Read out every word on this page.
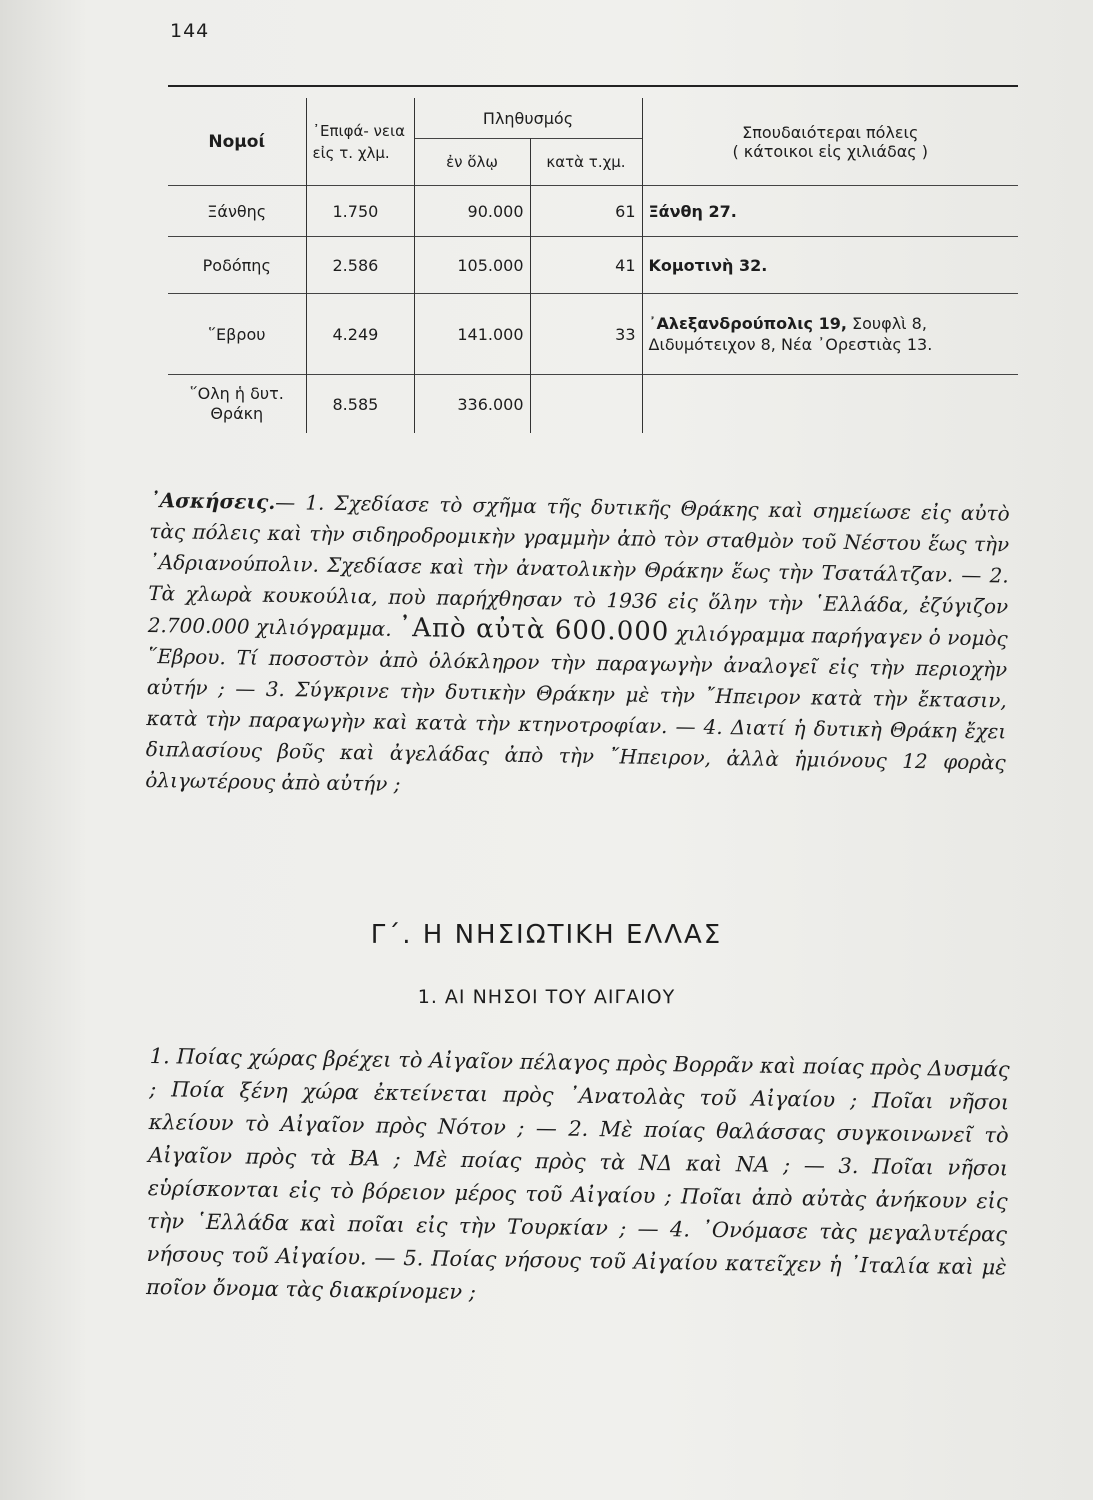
144
Νομοί	᾿Επιφά- νεια εἰς τ. χλμ.	Πληθυσμός		Σπουδαιότεραι πόλεις
( κάτοικοι εἰς χιλιάδας )

		ἐν ὅλῳ	κατὰ τ.χμ.	
Ξάνθης	1.750	90.000	61	Ξάνθη 27.
Ροδόπης	2.586	105.000	41	Κομοτινὴ 32.
῞Εβρου	4.249	141.000	33	᾿Αλεξανδρούπολις 19, Σουφλὶ 8, Διδυμότειχον 8, Νέα ᾿Ορεστιὰς 13.
῞Ολη ἡ δυτ. Θράκη	8.585	336.000		
᾿Ασκήσεις.— 1. Σχεδίασε τὸ σχῆμα τῆς δυτικῆς Θράκης καὶ σημείωσε εἰς αὐτὸ τὰς πόλεις καὶ τὴν σιδηροδρομικὴν γραμμὴν ἀπὸ τὸν σταθμὸν τοῦ Νέστου ἕως τὴν ᾿Αδριανούπολιν. Σχεδίασε καὶ τὴν ἀνατολικὴν Θράκην ἕως τὴν Τσατάλτζαν. — 2. Τὰ χλωρὰ κουκούλια, ποὺ παρήχθησαν τὸ 1936 εἰς ὅλην τὴν ῾Ελλάδα, ἐζύγιζον 2.700.000 χιλιόγραμμα. ᾿Απὸ αὐτὰ 600.000 χιλιόγραμμα παρήγαγεν ὁ νομὸς ῞Εβρου. Τί ποσοστὸν ἀπὸ ὁλόκληρον τὴν παραγωγὴν ἀναλογεῖ εἰς τὴν περιοχὴν αὐτήν ; — 3. Σύγκρινε τὴν δυτικὴν Θράκην μὲ τὴν ῎Ηπειρον κατὰ τὴν ἔκτασιν, κατὰ τὴν παραγωγὴν καὶ κατὰ τὴν κτηνοτροφίαν. — 4. Διατί ἡ δυτικὴ Θράκη ἔχει διπλασίους βοῦς καὶ ἀγελάδας ἀπὸ τὴν ῎Ηπειρον, ἀλλὰ ἡμιόνους 12 φορὰς ὀλιγωτέρους ἀπὸ αὐτήν ;
Γ΄. Η ΝΗΣΙΩΤΙΚΗ ΕΛΛΑΣ
1. ΑΙ ΝΗΣΟΙ ΤΟΥ ΑΙΓΑΙΟΥ
1. Ποίας χώρας βρέχει τὸ Αἰγαῖον πέλαγος πρὸς Βορρᾶν καὶ ποίας πρὸς Δυσμάς ; Ποία ξένη χώρα ἐκτείνεται πρὸς ᾿Ανατολὰς τοῦ Αἰγαίου ; Ποῖαι νῆσοι κλείουν τὸ Αἰγαῖον πρὸς Νότον ; — 2. Μὲ ποίας θαλάσσας συγκοινωνεῖ τὸ Αἰγαῖον πρὸς τὰ ΒΑ ; Μὲ ποίας πρὸς τὰ ΝΔ καὶ ΝΑ ; — 3. Ποῖαι νῆσοι εὑρίσκονται εἰς τὸ βόρειον μέρος τοῦ Αἰγαίου ; Ποῖαι ἀπὸ αὐτὰς ἀνήκουν εἰς τὴν ῾Ελλάδα καὶ ποῖαι εἰς τὴν Τουρκίαν ; — 4. ᾿Ονόμασε τὰς μεγαλυτέρας νήσους τοῦ Αἰγαίου. — 5. Ποίας νήσους τοῦ Αἰγαίου κατεῖχεν ἡ ᾿Ιταλία καὶ μὲ ποῖον ὄνομα τὰς διακρίνομεν ;
